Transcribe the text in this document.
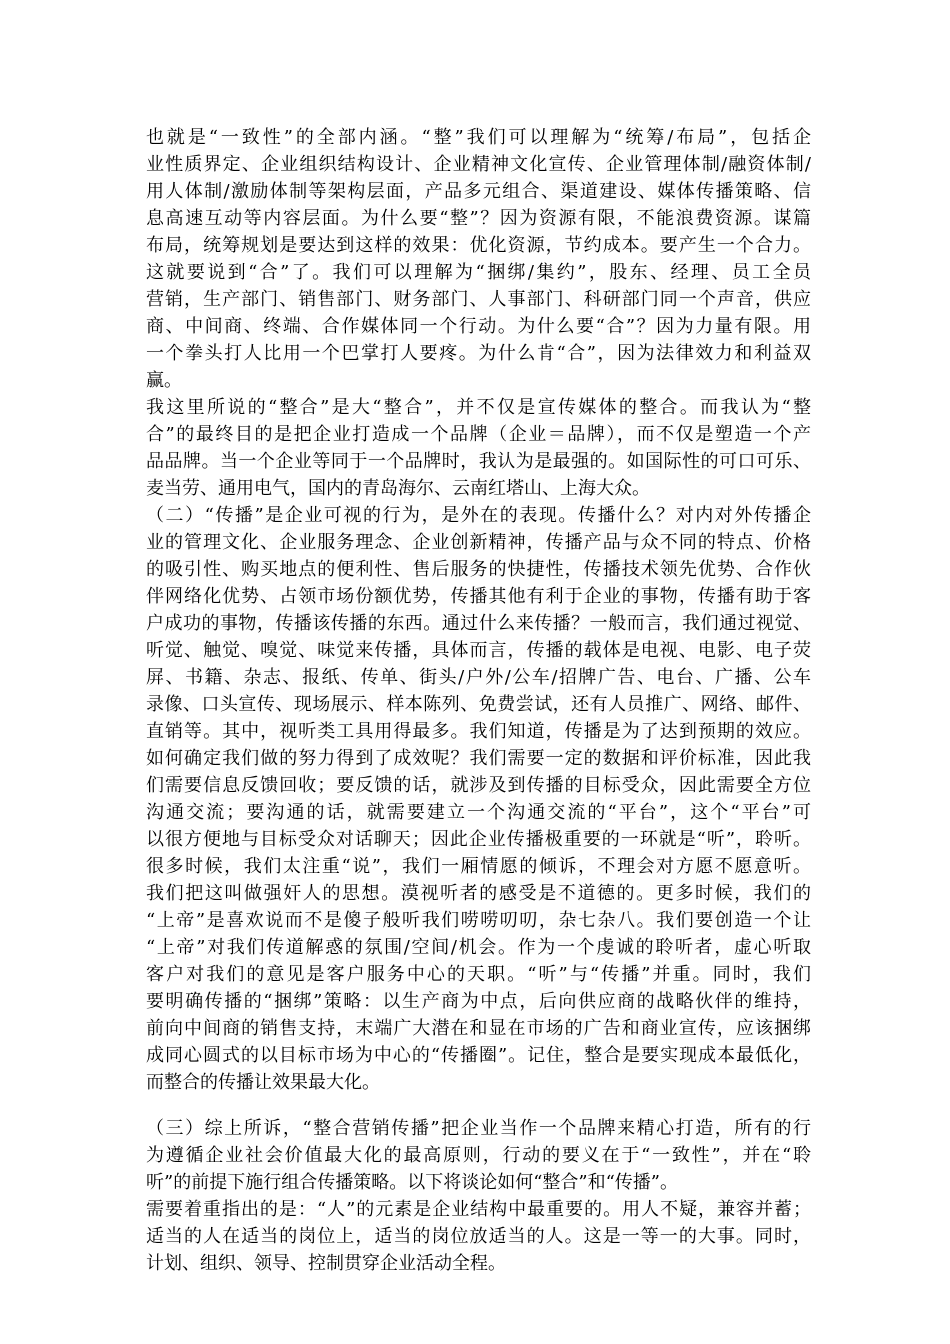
也就是“一致性”的全部内涵。“整”我们可以理解为“统筹/布局”，包括企
业性质界定、企业组织结构设计、企业精神文化宣传、企业管理体制/融资体制/
用人体制/激励体制等架构层面，产品多元组合、渠道建设、媒体传播策略、信
息高速互动等内容层面。为什么要“整”？因为资源有限，不能浪费资源。谋篇
布局，统筹规划是要达到这样的效果：优化资源，节约成本。要产生一个合力。
这就要说到“合”了。我们可以理解为“捆绑/集约”，股东、经理、员工全员
营销，生产部门、销售部门、财务部门、人事部门、科研部门同一个声音，供应
商、中间商、终端、合作媒体同一个行动。为什么要“合”？因为力量有限。用
一个拳头打人比用一个巴掌打人要疼。为什么肯“合”，因为法律效力和利益双
赢。
我这里所说的“整合”是大“整合”，并不仅是宣传媒体的整合。而我认为“整
合”的最终目的是把企业打造成一个品牌（企业＝品牌），而不仅是塑造一个产
品品牌。当一个企业等同于一个品牌时，我认为是最强的。如国际性的可口可乐、
麦当劳、通用电气，国内的青岛海尔、云南红塔山、上海大众。
（二）“传播”是企业可视的行为，是外在的表现。传播什么？对内对外传播企
业的管理文化、企业服务理念、企业创新精神，传播产品与众不同的特点、价格
的吸引性、购买地点的便利性、售后服务的快捷性，传播技术领先优势、合作伙
伴网络化优势、占领市场份额优势，传播其他有利于企业的事物，传播有助于客
户成功的事物，传播该传播的东西。通过什么来传播？一般而言，我们通过视觉、
听觉、触觉、嗅觉、味觉来传播，具体而言，传播的载体是电视、电影、电子荧
屏、书籍、杂志、报纸、传单、街头/户外/公车/招牌广告、电台、广播、公车
录像、口头宣传、现场展示、样本陈列、免费尝试，还有人员推广、网络、邮件、
直销等。其中，视听类工具用得最多。我们知道，传播是为了达到预期的效应。
如何确定我们做的努力得到了成效呢？我们需要一定的数据和评价标准，因此我
们需要信息反馈回收；要反馈的话，就涉及到传播的目标受众，因此需要全方位
沟通交流；要沟通的话，就需要建立一个沟通交流的“平台”，这个“平台”可
以很方便地与目标受众对话聊天；因此企业传播极重要的一环就是“听”，聆听。
很多时候，我们太注重“说”，我们一厢情愿的倾诉，不理会对方愿不愿意听。
我们把这叫做强奸人的思想。漠视听者的感受是不道德的。更多时候，我们的
“上帝”是喜欢说而不是傻子般听我们唠唠叨叨，杂七杂八。我们要创造一个让
“上帝”对我们传道解惑的氛围/空间/机会。作为一个虔诚的聆听者，虚心听取
客户对我们的意见是客户服务中心的天职。“听”与“传播”并重。同时，我们
要明确传播的“捆绑”策略：以生产商为中点，后向供应商的战略伙伴的维持，
前向中间商的销售支持，末端广大潜在和显在市场的广告和商业宣传，应该捆绑
成同心圆式的以目标市场为中心的“传播圈”。记住，整合是要实现成本最低化，
而整合的传播让效果最大化。
（三）综上所诉，“整合营销传播”把企业当作一个品牌来精心打造，所有的行
为遵循企业社会价值最大化的最高原则，行动的要义在于“一致性”，并在“聆
听”的前提下施行组合传播策略。以下将谈论如何“整合”和“传播”。
需要着重指出的是：“人”的元素是企业结构中最重要的。用人不疑，兼容并蓄；
适当的人在适当的岗位上，适当的岗位放适当的人。这是一等一的大事。同时，
计划、组织、领导、控制贯穿企业活动全程。
